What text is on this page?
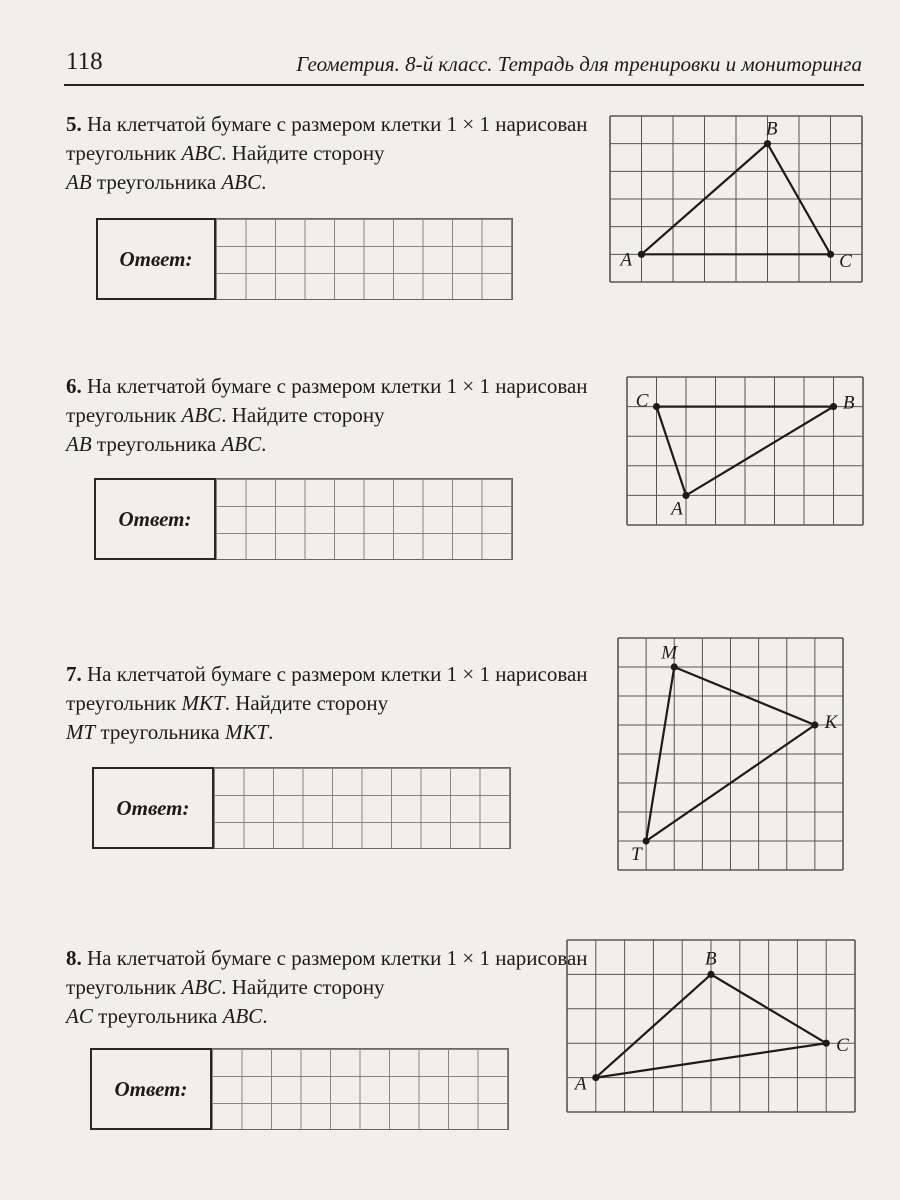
118	Геометрия. 8-й класс. Тетрадь для тренировки и мониторинга
5. На клетчатой бумаге с размером клетки 1 × 1 нарисован треугольник ABC. Найдите сторону
AB треугольника ABC.
Ответ:
B
A	C
6. На клетчатой бумаге с размером клетки 1 × 1 нарисован треугольник ABC. Найдите сторону
AB треугольника ABC.
Ответ:
C	B
A
7. На клетчатой бумаге с размером клетки 1 × 1 нарисован треугольник MKT. Найдите сторону
MT треугольника MKT.
Ответ:
M
K
T
8. На клетчатой бумаге с размером клетки 1 × 1 нарисован треугольник ABC. Найдите сторону
AC треугольника ABC.
Ответ:
B
A
C
